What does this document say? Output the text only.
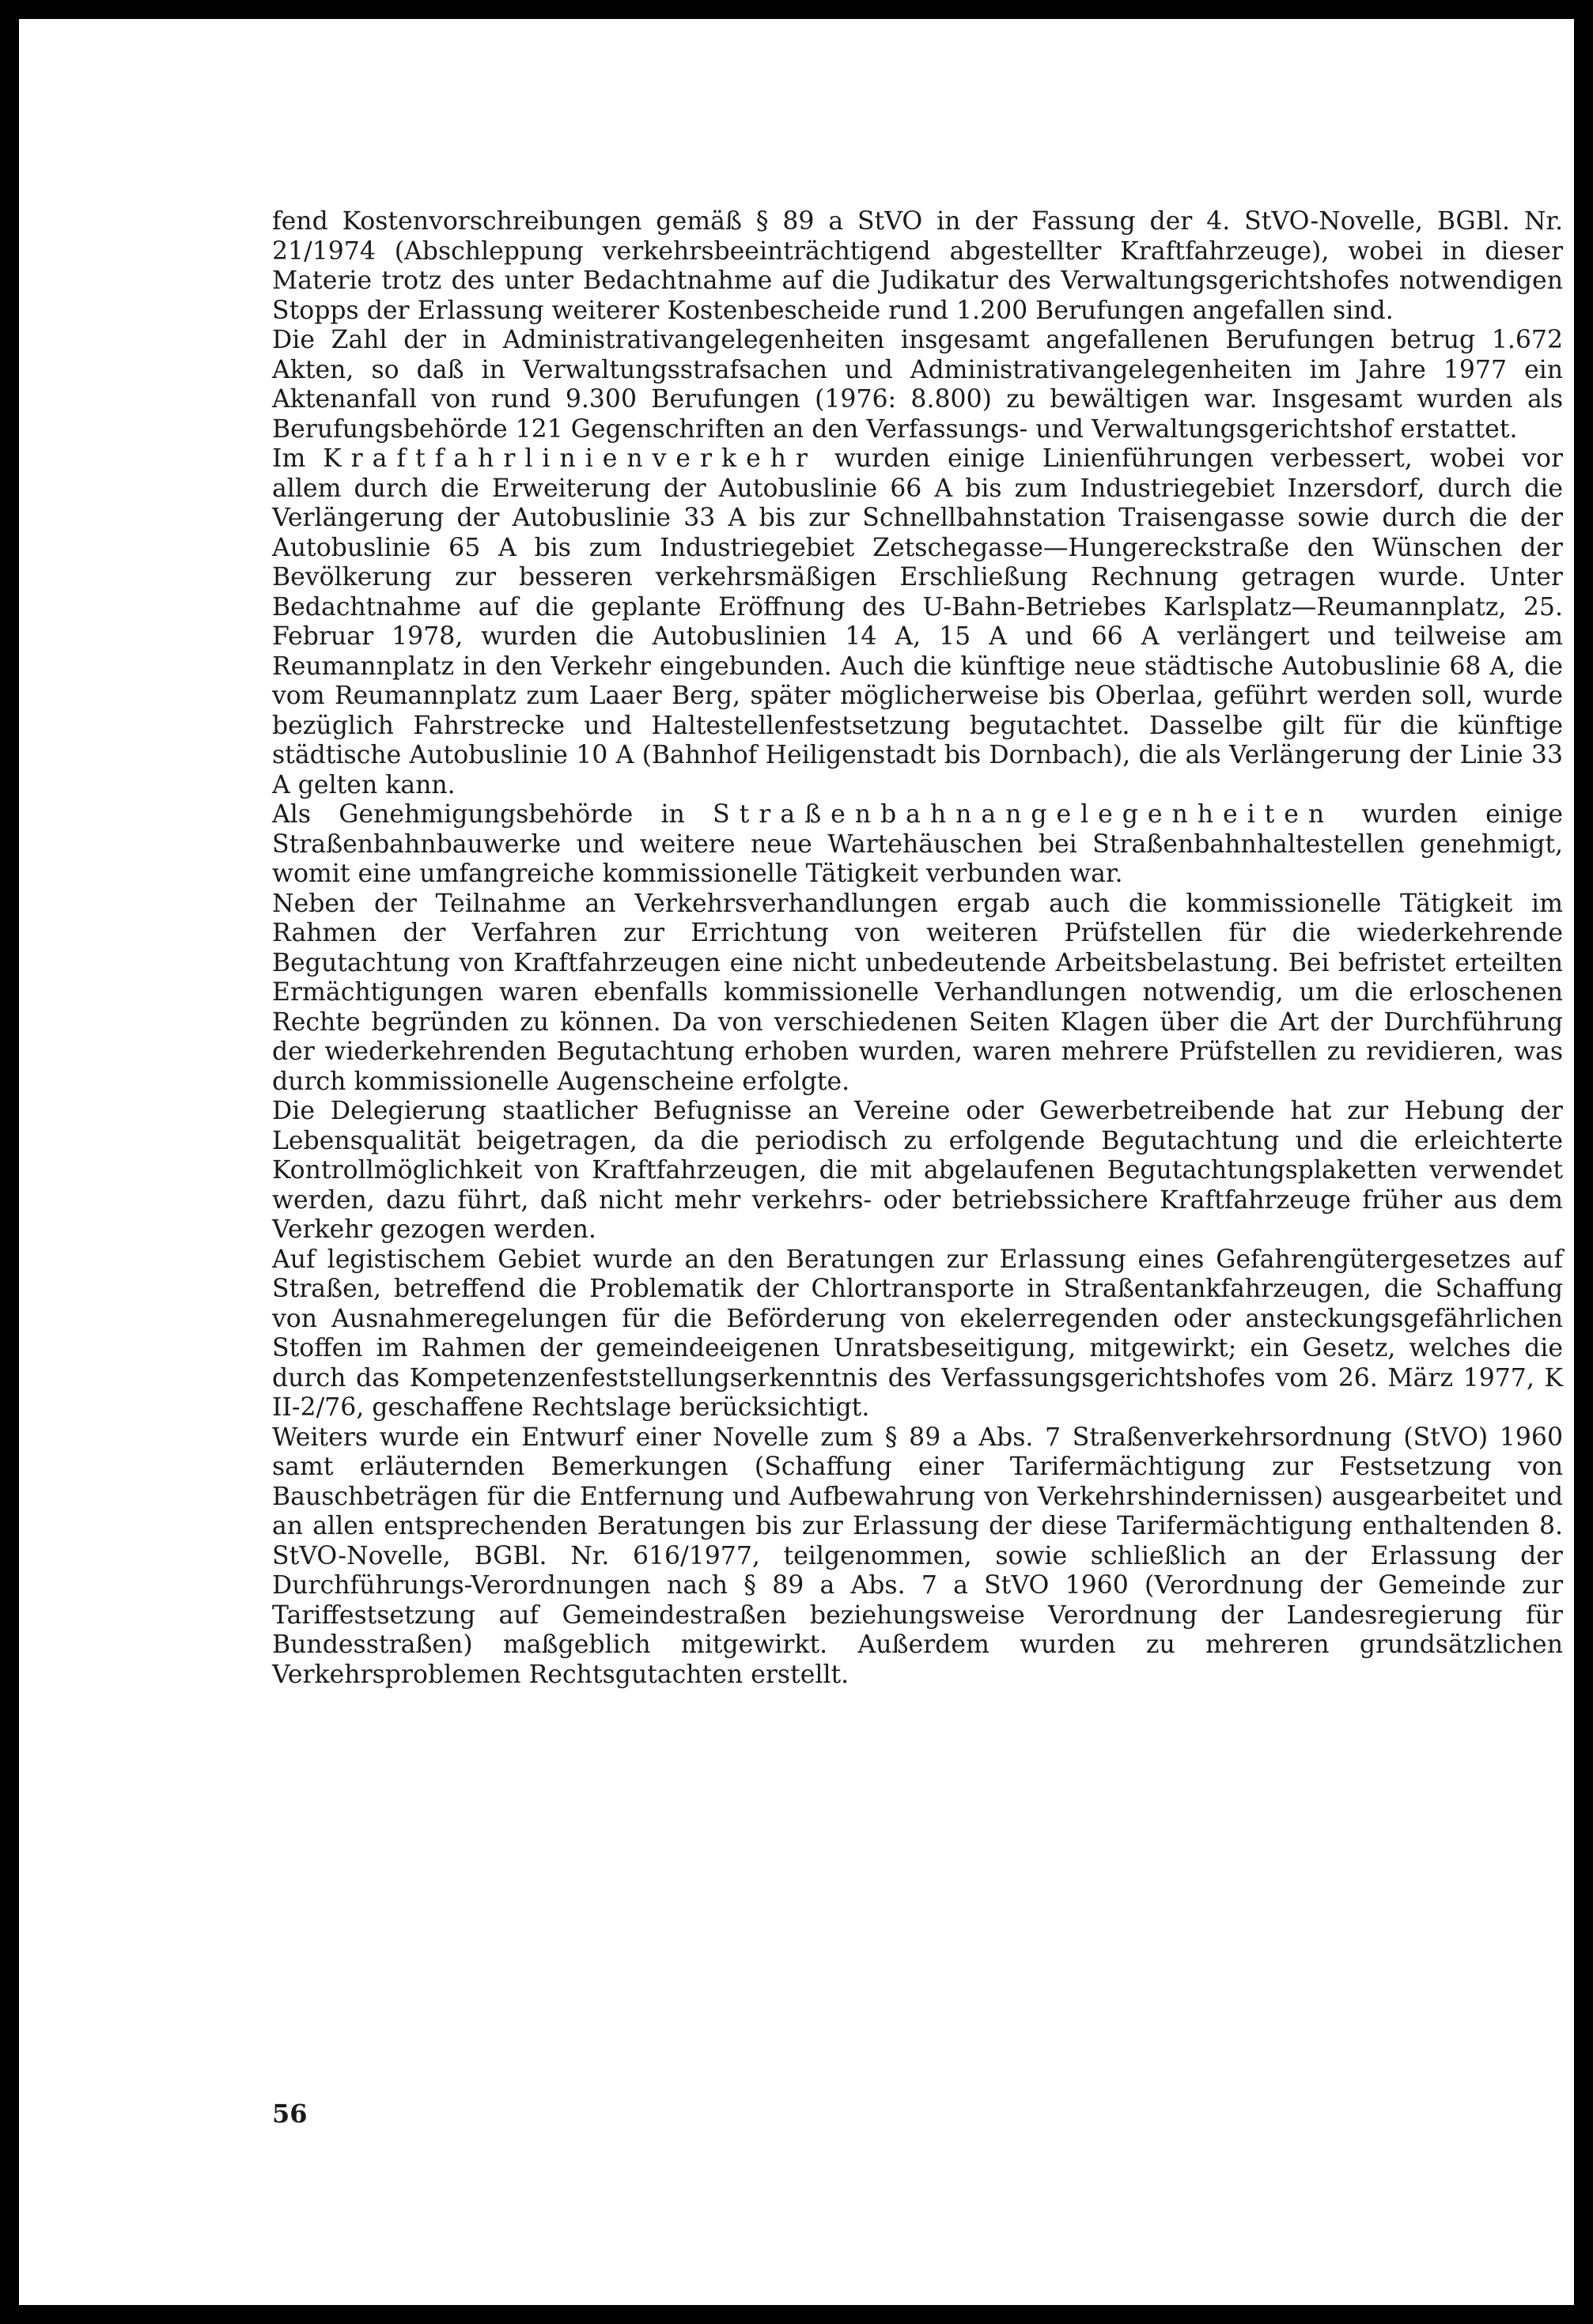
fend Kostenvorschreibungen gemäß § 89 a StVO in der Fassung der 4. StVO-Novelle, BGBl. Nr. 21/1974 (Abschleppung verkehrsbeeinträchtigend abgestellter Kraftfahrzeuge), wobei in dieser Materie trotz des unter Bedachtnahme auf die Judikatur des Verwaltungsgerichtshofes notwendigen Stopps der Erlassung weiterer Kostenbescheide rund 1.200 Berufungen angefallen sind.

Die Zahl der in Administrativangelegenheiten insgesamt angefallenen Berufungen betrug 1.672 Akten, so daß in Verwaltungsstrafsachen und Administrativangelegenheiten im Jahre 1977 ein Aktenanfall von rund 9.300 Berufungen (1976: 8.800) zu bewältigen war. Insgesamt wurden als Berufungsbehörde 121 Gegenschriften an den Verfassungs- und Verwaltungsgerichtshof erstattet.

Im Kraftfahrlinienverkehr wurden einige Linienführungen verbessert, wobei vor allem durch die Erweiterung der Autobuslinie 66 A bis zum Industriegebiet Inzersdorf, durch die Verlängerung der Autobuslinie 33 A bis zur Schnellbahnstation Traisengasse sowie durch die der Autobuslinie 65 A bis zum Industriegebiet Zetschegasse—Hungereckstraße den Wünschen der Bevölkerung zur besseren verkehrsmäßigen Erschließung Rechnung getragen wurde. Unter Bedachtnahme auf die geplante Eröffnung des U-Bahn-Betriebes Karlsplatz—Reumannplatz, 25. Februar 1978, wurden die Autobuslinien 14 A, 15 A und 66 A verlängert und teilweise am Reumannplatz in den Verkehr eingebunden. Auch die künftige neue städtische Autobuslinie 68 A, die vom Reumannplatz zum Laaer Berg, später möglicherweise bis Oberlaa, geführt werden soll, wurde bezüglich Fahrstrecke und Haltestellenfestsetzung begutachtet. Dasselbe gilt für die künftige städtische Autobuslinie 10 A (Bahnhof Heiligenstadt bis Dornbach), die als Verlängerung der Linie 33 A gelten kann.

Als Genehmigungsbehörde in Straßenbahnangelegenheiten wurden einige Straßenbahnbauwerke und weitere neue Wartehäuschen bei Straßenbahnhaltestellen genehmigt, womit eine umfangreiche kommissionelle Tätigkeit verbunden war.

Neben der Teilnahme an Verkehrsverhandlungen ergab auch die kommissionelle Tätigkeit im Rahmen der Verfahren zur Errichtung von weiteren Prüfstellen für die wiederkehrende Begutachtung von Kraftfahrzeugen eine nicht unbedeutende Arbeitsbelastung. Bei befristet erteilten Ermächtigungen waren ebenfalls kommissionelle Verhandlungen notwendig, um die erloschenen Rechte begründen zu können. Da von verschiedenen Seiten Klagen über die Art der Durchführung der wiederkehrenden Begutachtung erhoben wurden, waren mehrere Prüfstellen zu revidieren, was durch kommissionelle Augenscheine erfolgte.

Die Delegierung staatlicher Befugnisse an Vereine oder Gewerbetreibende hat zur Hebung der Lebensqualität beigetragen, da die periodisch zu erfolgende Begutachtung und die erleichterte Kontrollmöglichkeit von Kraftfahrzeugen, die mit abgelaufenen Begutachtungsplaketten verwendet werden, dazu führt, daß nicht mehr verkehrs- oder betriebssichere Kraftfahrzeuge früher aus dem Verkehr gezogen werden.

Auf legistischem Gebiet wurde an den Beratungen zur Erlassung eines Gefahrengütergesetzes auf Straßen, betreffend die Problematik der Chlortransporte in Straßentankfahrzeugen, die Schaffung von Ausnahmeregelungen für die Beförderung von ekelerregenden oder ansteckungsgefährlichen Stoffen im Rahmen der gemeindeeigenen Unratsbeseitigung, mitgewirkt; ein Gesetz, welches die durch das Kompetenzenfeststellungserkenntnis des Verfassungsgerichtshofes vom 26. März 1977, K II-2/76, geschaffene Rechtslage berücksichtigt.

Weiters wurde ein Entwurf einer Novelle zum § 89 a Abs. 7 Straßenverkehrsordnung (StVO) 1960 samt erläuternden Bemerkungen (Schaffung einer Tarifermächtigung zur Festsetzung von Bauschbeträgen für die Entfernung und Aufbewahrung von Verkehrshindernissen) ausgearbeitet und an allen entsprechenden Beratungen bis zur Erlassung der diese Tarifermächtigung enthaltenden 8. StVO-Novelle, BGBl. Nr. 616/1977, teilgenommen, sowie schließlich an der Erlassung der Durchführungs-Verordnungen nach § 89 a Abs. 7 a StVO 1960 (Verordnung der Gemeinde zur Tariffestsetzung auf Gemeindestraßen beziehungsweise Verordnung der Landesregierung für Bundesstraßen) maßgeblich mitgewirkt. Außerdem wurden zu mehreren grundsätzlichen Verkehrsproblemen Rechtsgutachten erstellt.

56
